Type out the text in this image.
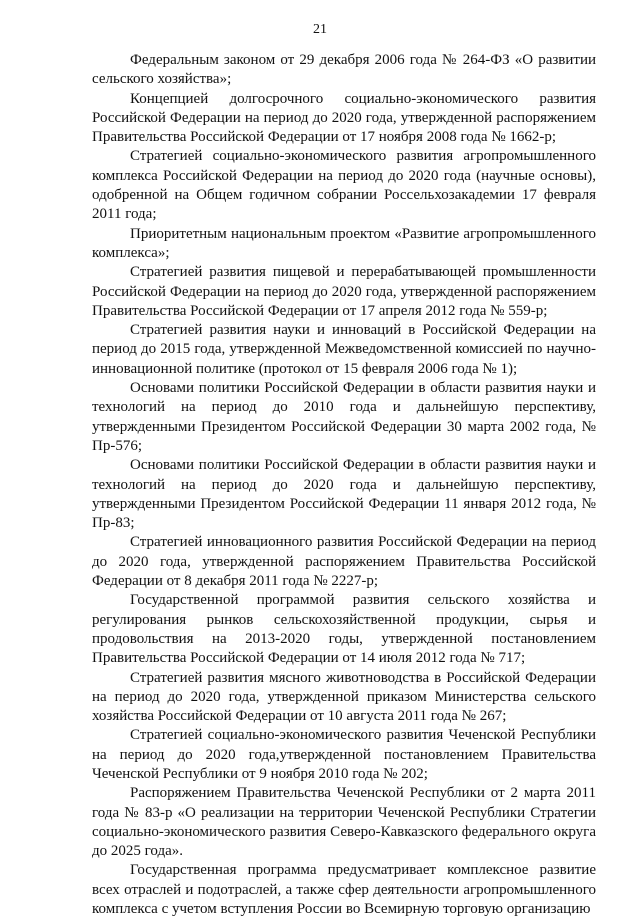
21

Федеральным законом от 29 декабря 2006 года № 264-ФЗ «О развитии сельского хозяйства»;

Концепцией долгосрочного социально-экономического развития Российской Федерации на период до 2020 года, утвержденной распоряжением Правительства Российской Федерации от 17 ноября 2008 года № 1662-р;

Стратегией социально-экономического развития агропромышленного комплекса Российской Федерации на период до 2020 года (научные основы), одобренной на Общем годичном собрании Россельхозакадемии 17 февраля 2011 года;

Приоритетным национальным проектом «Развитие агропромышленного комплекса»;

Стратегией развития пищевой и перерабатывающей промышленности Российской Федерации на период до 2020 года, утвержденной распоряжением Правительства Российской Федерации от 17 апреля 2012 года № 559-р;

Стратегией развития науки и инноваций в Российской Федерации на период до 2015 года, утвержденной Межведомственной комиссией по научно-инновационной политике (протокол от 15 февраля 2006 года № 1);

Основами политики Российской Федерации в области развития науки и технологий на период до 2010 года и дальнейшую перспективу, утвержденными Президентом Российской Федерации 30 марта 2002 года, № Пр-576;

Основами политики Российской Федерации в области развития науки и технологий на период до 2020 года и дальнейшую перспективу, утвержденными Президентом Российской Федерации 11 января 2012 года, № Пр-83;

Стратегией инновационного развития Российской Федерации на период до 2020 года, утвержденной распоряжением Правительства Российской Федерации от 8 декабря 2011 года № 2227-р;

Государственной программой развития сельского хозяйства и регулирования рынков сельскохозяйственной продукции, сырья и продовольствия на 2013-2020 годы, утвержденной постановлением Правительства Российской Федерации от 14 июля 2012 года № 717;

Стратегией развития мясного животноводства в Российской Федерации на период до 2020 года, утвержденной приказом Министерства сельского хозяйства Российской Федерации от 10 августа 2011 года № 267;

Стратегией социально-экономического развития Чеченской Республики на период до 2020 года,утвержденной постановлением Правительства Чеченской Республики от 9 ноября 2010 года № 202;

Распоряжением Правительства Чеченской Республики от 2 марта 2011 года № 83-р «О реализации на территории Чеченской Республики Стратегии социально-экономического развития Северо-Кавказского федерального округа до 2025 года».

Государственная программа предусматривает комплексное развитие всех отраслей и подотраслей, а также сфер деятельности агропромышленного комплекса с учетом вступления России во Всемирную торговую организацию
